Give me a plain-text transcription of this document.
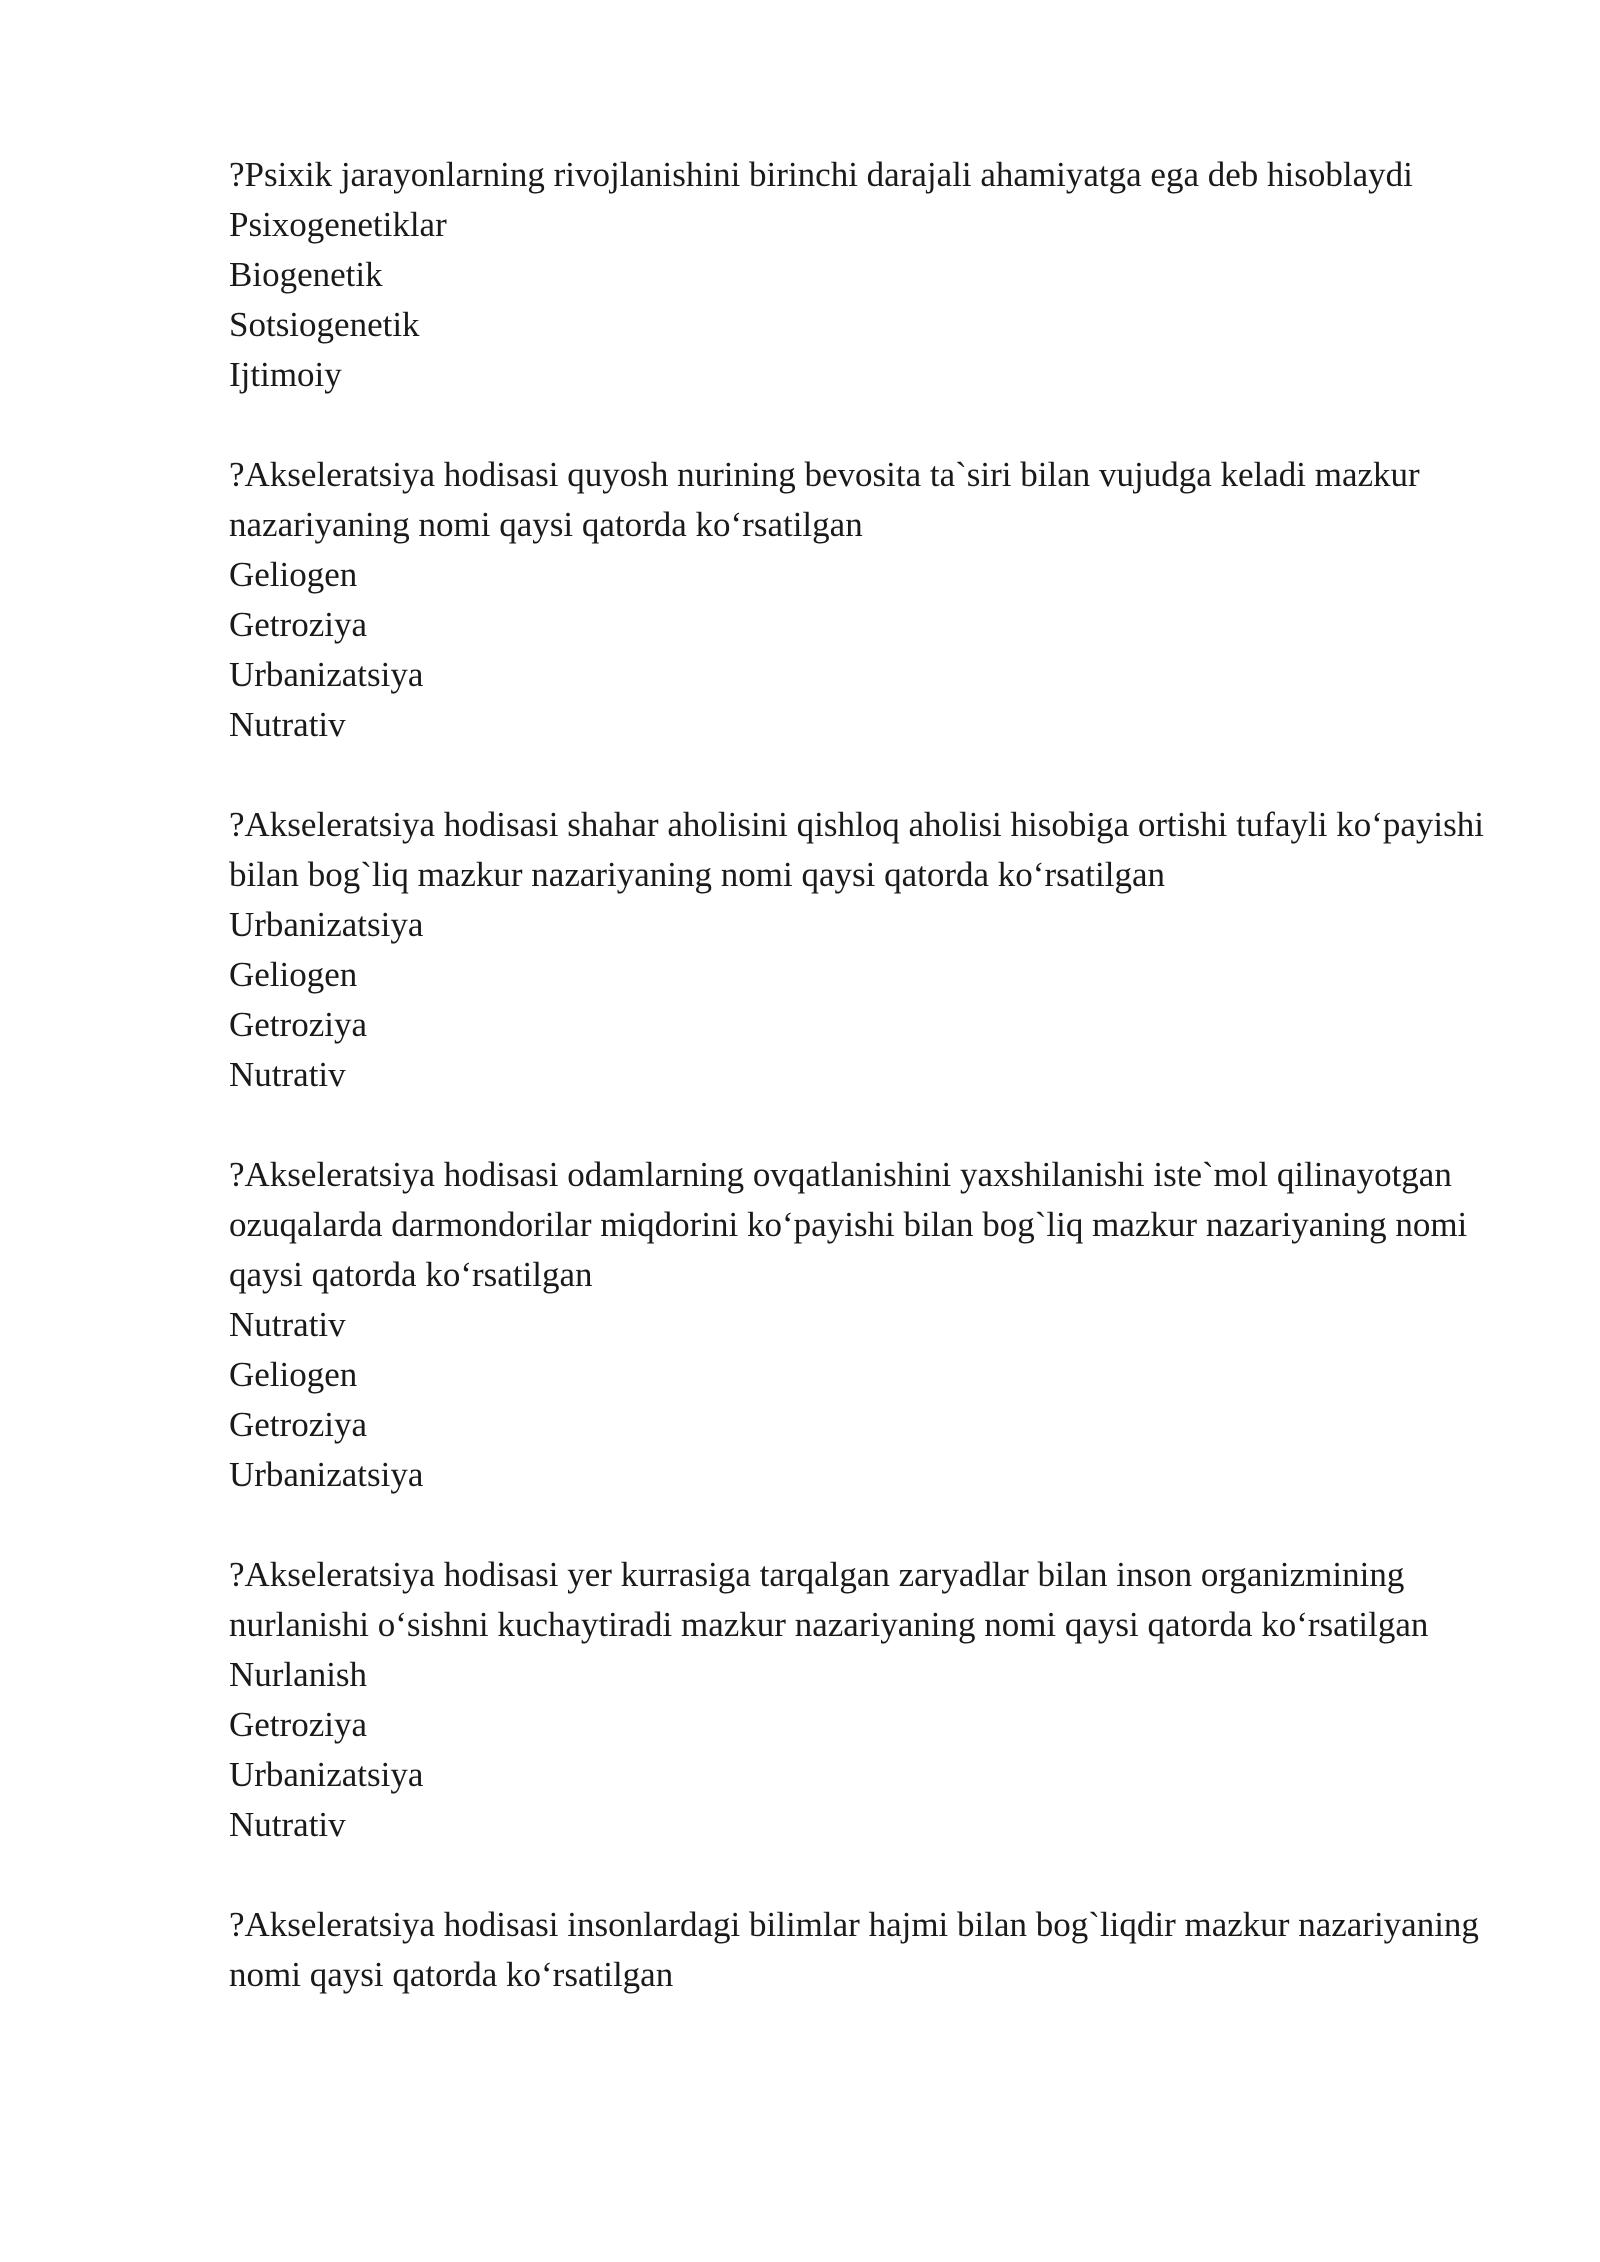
?Psixik jarayonlarning rivojlanishini birinchi darajali ahamiyatga ega deb hisoblaydi

Psixogenetiklar

Biogenetik

Sotsiogenetik

Ijtimoiy

?Akseleratsiya hodisasi quyosh nurining bevosita ta`siri bilan vujudga keladi mazkur nazariyaning nomi qaysi qatorda ko‘rsatilgan

Geliogen

Getroziya

Urbanizatsiya

Nutrativ

?Akseleratsiya hodisasi shahar aholisini qishloq aholisi hisobiga ortishi tufayli ko‘payishi bilan bog`liq mazkur nazariyaning nomi qaysi qatorda ko‘rsatilgan

Urbanizatsiya

Geliogen

Getroziya

Nutrativ

?Akseleratsiya hodisasi odamlarning ovqatlanishini yaxshilanishi iste`mol qilinayotgan ozuqalarda darmondorilar miqdorini ko‘payishi bilan bog`liq mazkur nazariyaning nomi qaysi qatorda ko‘rsatilgan

Nutrativ

Geliogen

Getroziya

Urbanizatsiya

?Akseleratsiya hodisasi yer kurrasiga tarqalgan zaryadlar bilan inson organizmining nurlanishi o‘sishni kuchaytiradi mazkur nazariyaning nomi qaysi qatorda ko‘rsatilgan

Nurlanish

Getroziya

Urbanizatsiya

Nutrativ

?Akseleratsiya hodisasi insonlardagi bilimlar hajmi bilan bog`liqdir mazkur nazariyaning nomi qaysi qatorda ko‘rsatilgan
